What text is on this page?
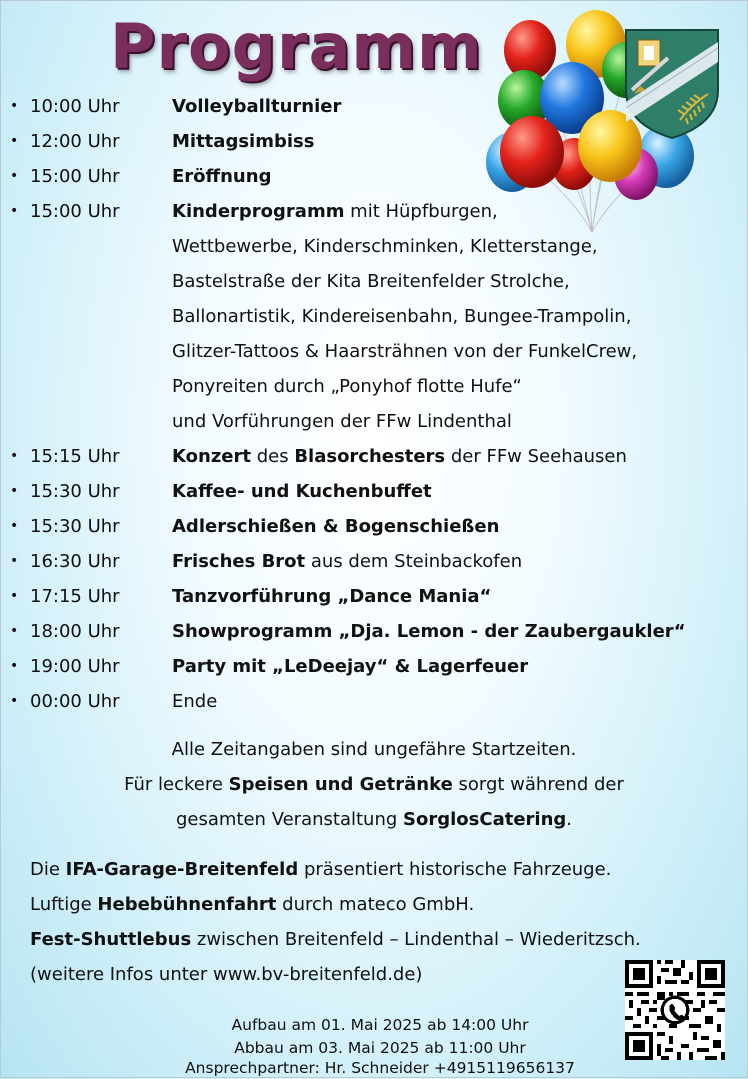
Programm
• 10:00 Uhr	Volleyballturnier
• 12:00 Uhr	Mittagsimbiss
• 15:00 Uhr	Eröffnung
• 15:00 Uhr	Kinderprogramm mit Hüpfburgen,
Wettbewerbe, Kinderschminken, Kletterstange,
Bastelstraße der Kita Breitenfelder Strolche,
Ballonartistik, Kindereisenbahn, Bungee-Trampolin,
Glitzer-Tattoos & Haarsträhnen von der FunkelCrew,
Ponyreiten durch „Ponyhof flotte Hufe“
und Vorführungen der FFw Lindenthal
• 15:15 Uhr	Konzert des Blasorchesters der FFw Seehausen
• 15:30 Uhr	Kaffee- und Kuchenbuffet
• 15:30 Uhr	Adlerschießen & Bogenschießen
• 16:30 Uhr	Frisches Brot aus dem Steinbackofen
• 17:15 Uhr	Tanzvorführung „Dance Mania“
• 18:00 Uhr	Showprogramm „Dja. Lemon - der Zaubergaukler“
• 19:00 Uhr	Party mit „LeDeejay“ & Lagerfeuer
• 00:00 Uhr	Ende
Alle Zeitangaben sind ungefähre Startzeiten.
Für leckere Speisen und Getränke sorgt während der
gesamten Veranstaltung SorglosCatering.
Die IFA-Garage-Breitenfeld präsentiert historische Fahrzeuge.
Luftige Hebebühnenfahrt durch mateco GmbH.
Fest-Shuttlebus zwischen Breitenfeld – Lindenthal – Wiederitzsch.
(weitere Infos unter www.bv-breitenfeld.de)
Aufbau am 01. Mai 2025 ab 14:00 Uhr
Abbau am 03. Mai 2025 ab 11:00 Uhr
Ansprechpartner: Hr. Schneider +4915119656137
